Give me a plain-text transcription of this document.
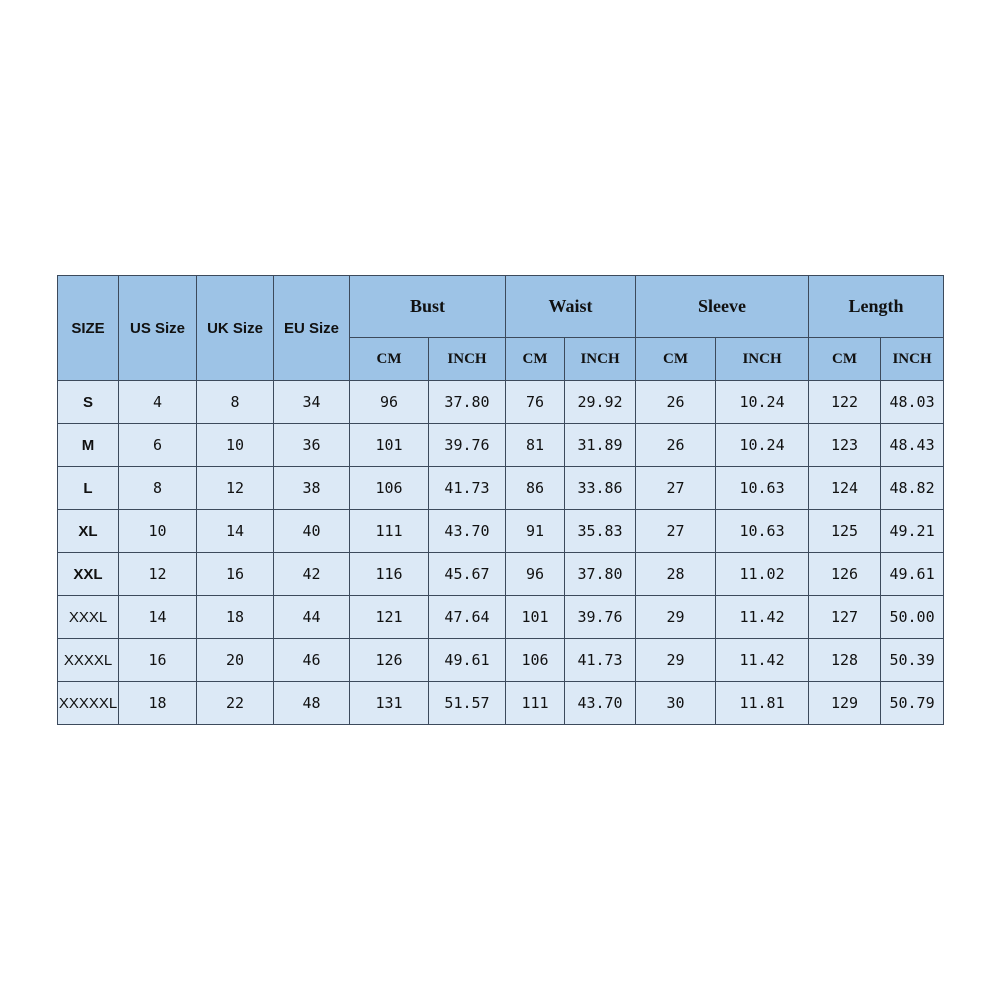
SIZE	US Size	UK Size	EU Size	Bust		Waist		Sleeve		Length	
				CM	INCH	CM	INCH	CM	INCH	CM	INCH
S	4	8	34	96	37.80	76	29.92	26	10.24	122	48.03
M	6	10	36	101	39.76	81	31.89	26	10.24	123	48.43
L	8	12	38	106	41.73	86	33.86	27	10.63	124	48.82
XL	10	14	40	111	43.70	91	35.83	27	10.63	125	49.21
XXL	12	16	42	116	45.67	96	37.80	28	11.02	126	49.61
XXXL	14	18	44	121	47.64	101	39.76	29	11.42	127	50.00
XXXXL	16	20	46	126	49.61	106	41.73	29	11.42	128	50.39
XXXXXL	18	22	48	131	51.57	111	43.70	30	11.81	129	50.79
